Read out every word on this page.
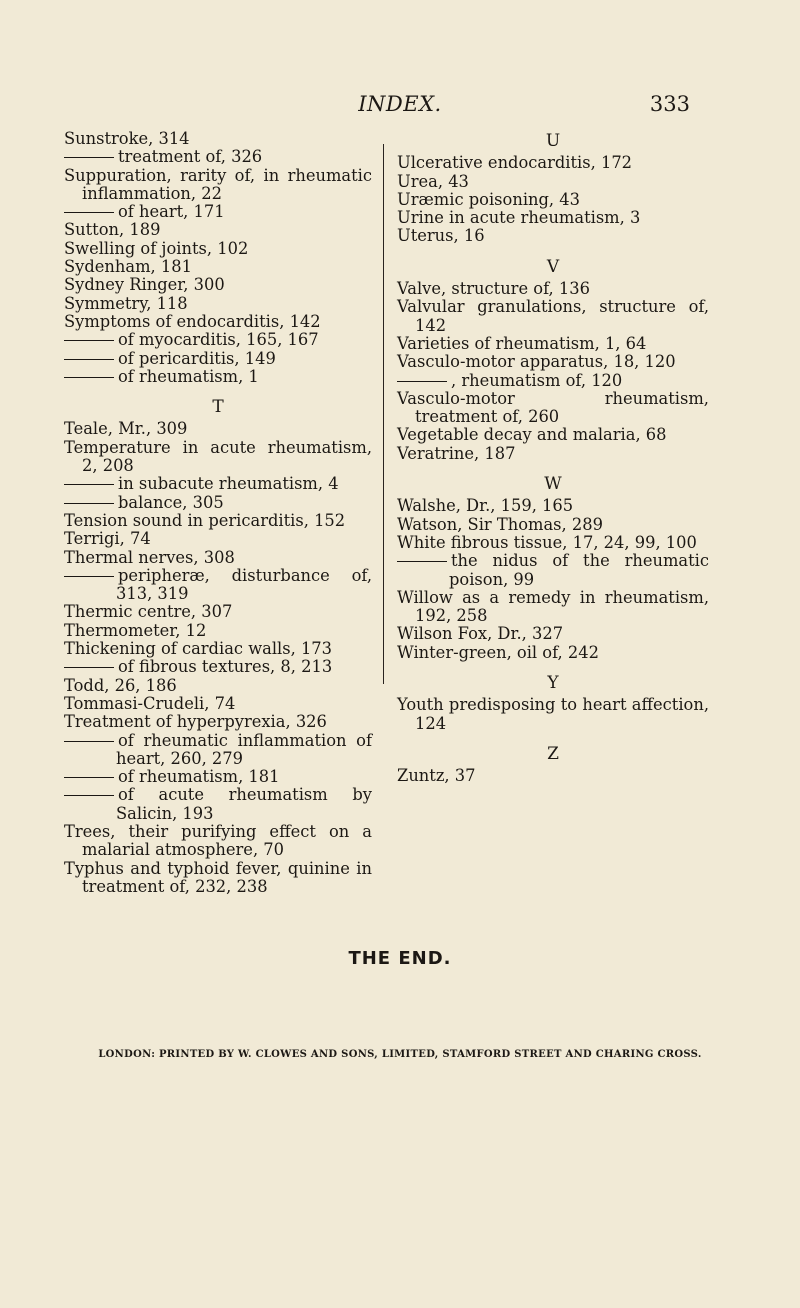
INDEX.	333
Sunstroke, 314
treatment of, 326
Suppuration, rarity of, in rheumatic inflammation, 22
of heart, 171
Sutton, 189
Swelling of joints, 102
Sydenham, 181
Sydney Ringer, 300
Symmetry, 118
Symptoms of endocarditis, 142
of myocarditis, 165, 167
of pericarditis, 149
of rheumatism, 1
T
Teale, Mr., 309
Temperature in acute rheumatism, 2, 208
in subacute rheumatism, 4
balance, 305
Tension sound in pericarditis, 152
Terrigi, 74
Thermal nerves, 308
peripheræ, disturbance of, 313, 319
Thermic centre, 307
Thermometer, 12
Thickening of cardiac walls, 173
of fibrous textures, 8, 213
Todd, 26, 186
Tommasi-Crudeli, 74
Treatment of hyperpyrexia, 326
of rheumatic inflammation of heart, 260, 279
of rheumatism, 181
of acute rheumatism by Salicin, 193
Trees, their purifying effect on a malarial atmosphere, 70
Typhus and typhoid fever, quinine in treatment of, 232, 238
U
Ulcerative endocarditis, 172
Urea, 43
Uræmic poisoning, 43
Urine in acute rheumatism, 3
Uterus, 16
V
Valve, structure of, 136
Valvular granulations, structure of, 142
Varieties of rheumatism, 1, 64
Vasculo-motor apparatus, 18, 120
, rheumatism of, 120
Vasculo-motor rheumatism, treatment of, 260
Vegetable decay and malaria, 68
Veratrine, 187
W
Walshe, Dr., 159, 165
Watson, Sir Thomas, 289
White fibrous tissue, 17, 24, 99, 100
the nidus of the rheumatic poison, 99
Willow as a remedy in rheumatism, 192, 258
Wilson Fox, Dr., 327
Winter-green, oil of, 242
Y
Youth predisposing to heart affection, 124
Z
Zuntz, 37
THE END.
LONDON: PRINTED BY W. CLOWES AND SONS, LIMITED, STAMFORD STREET AND CHARING CROSS.
